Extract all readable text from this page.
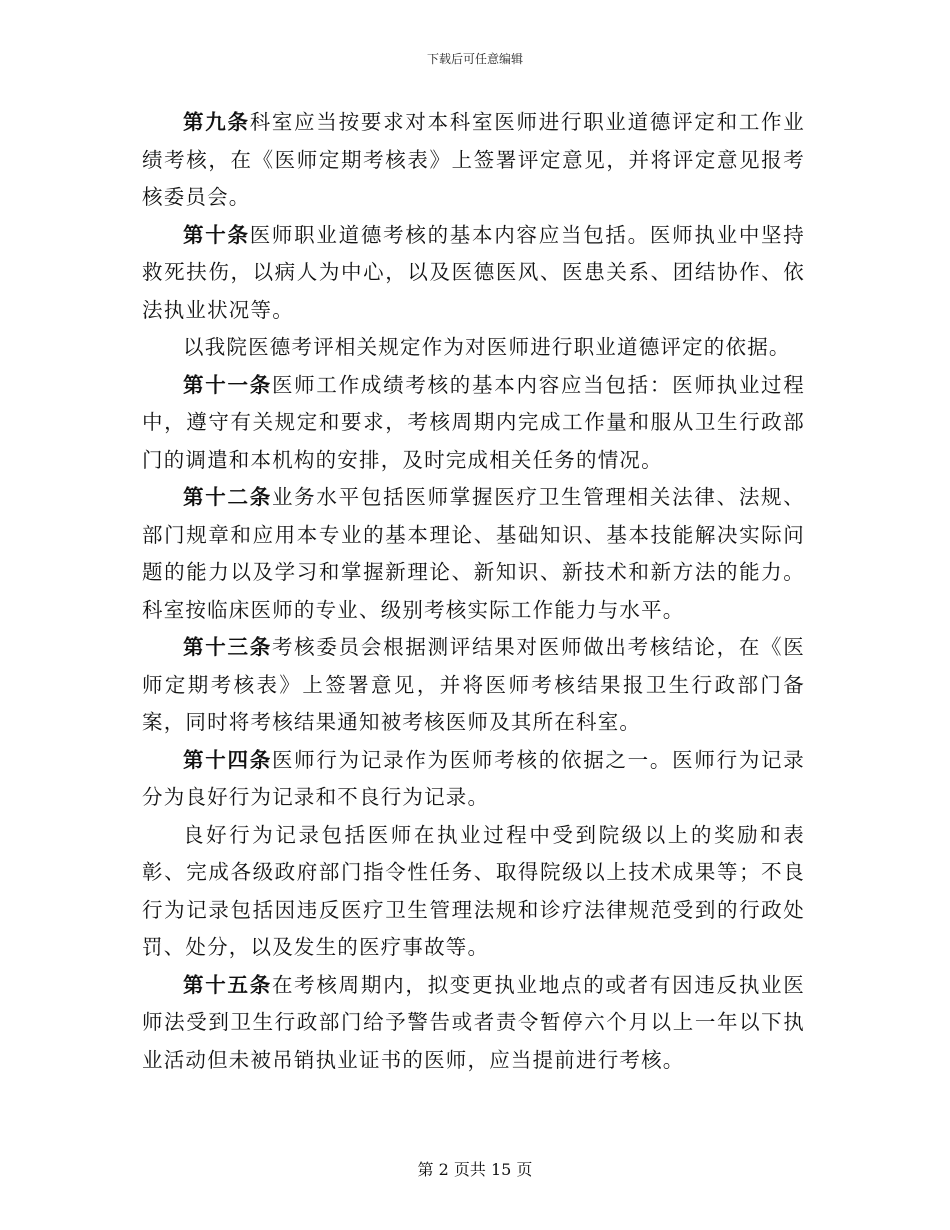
下载后可任意编辑

第九条科室应当按要求对本科室医师进行职业道德评定和工作业绩考核，在《医师定期考核表》上签署评定意见，并将评定意见报考核委员会。

第十条医师职业道德考核的基本内容应当包括。医师执业中坚持救死扶伤，以病人为中心，以及医德医风、医患关系、团结协作、依法执业状况等。

以我院医德考评相关规定作为对医师进行职业道德评定的依据。

第十一条医师工作成绩考核的基本内容应当包括：医师执业过程中，遵守有关规定和要求，考核周期内完成工作量和服从卫生行政部门的调遣和本机构的安排，及时完成相关任务的情况。

第十二条业务水平包括医师掌握医疗卫生管理相关法律、法规、部门规章和应用本专业的基本理论、基础知识、基本技能解决实际问题的能力以及学习和掌握新理论、新知识、新技术和新方法的能力。科室按临床医师的专业、级别考核实际工作能力与水平。

第十三条考核委员会根据测评结果对医师做出考核结论，在《医师定期考核表》上签署意见，并将医师考核结果报卫生行政部门备案，同时将考核结果通知被考核医师及其所在科室。

第十四条医师行为记录作为医师考核的依据之一。医师行为记录分为良好行为记录和不良行为记录。

良好行为记录包括医师在执业过程中受到院级以上的奖励和表彰、完成各级政府部门指令性任务、取得院级以上技术成果等；不良行为记录包括因违反医疗卫生管理法规和诊疗法律规范受到的行政处罚、处分，以及发生的医疗事故等。

第十五条在考核周期内，拟变更执业地点的或者有因违反执业医师法受到卫生行政部门给予警告或者责令暂停六个月以上一年以下执业活动但未被吊销执业证书的医师，应当提前进行考核。

第 2 页共 15 页
